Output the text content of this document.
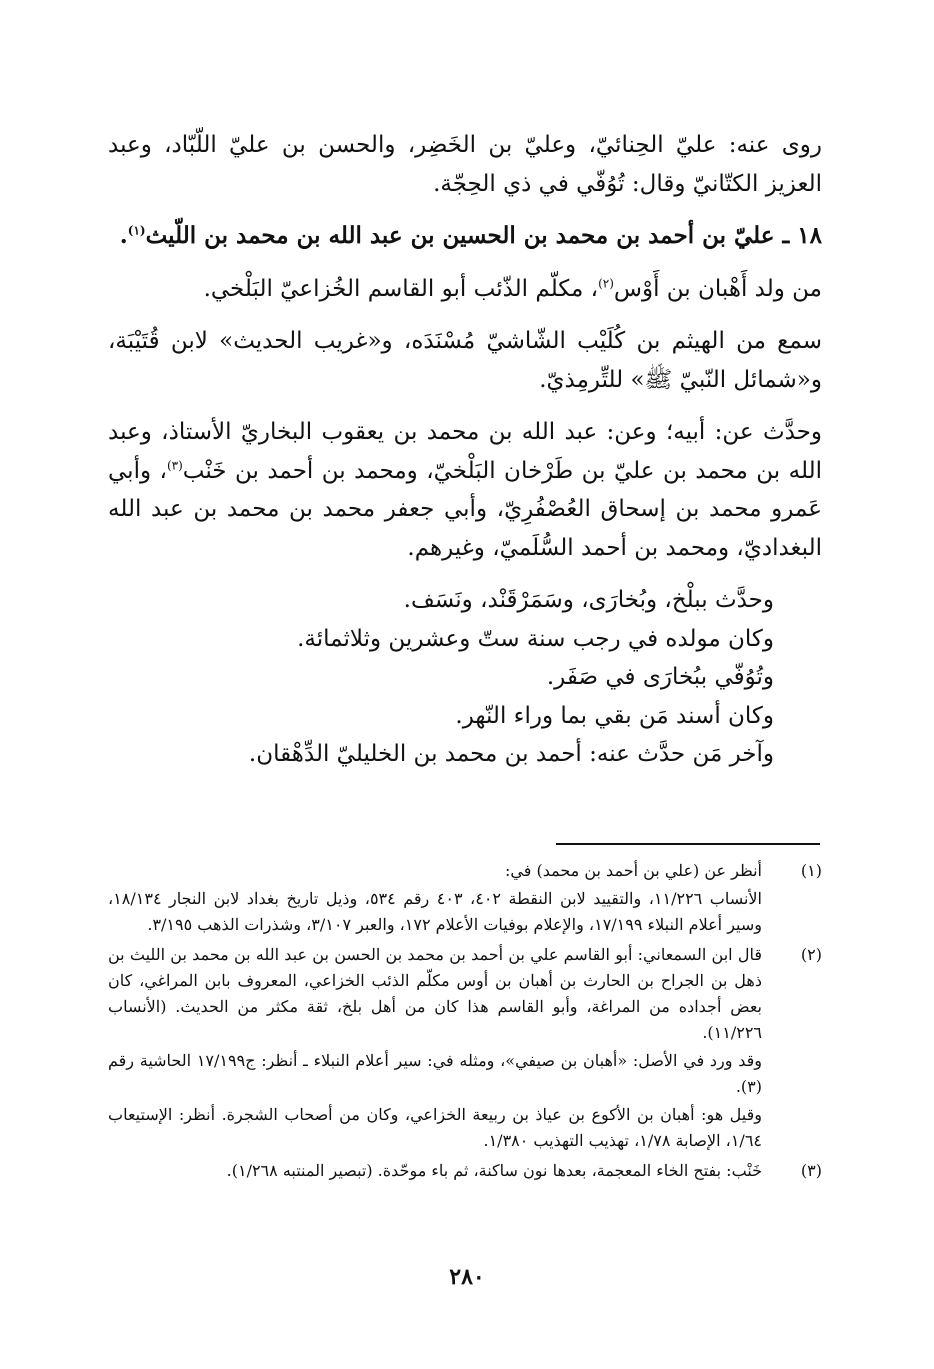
روى عنه: عليّ الحِنائيّ، وعليّ بن الخَضِر، والحسن بن عليّ اللّبّاد، وعبد العزيز الكتّانيّ وقال: تُوُفّي في ذي الحِجّة.

١٨ ـ عليّ بن أحمد بن محمد بن الحسين بن عبد الله بن محمد بن اللّيث$^{(١)}$.

من ولد أَهْبان بن أَوْس$^{(٢)}$، مكلّم الذّئب أبو القاسم الخُزاعيّ البَلْخي.

سمع من الهيثم بن كُلَيْب الشّاشيّ مُسْنَدَه، و«غريب الحديث» لابن قُتَيْبَة، و«شمائل النّبيّ ﷺ» للتِّرمِذيّ.

وحدَّث عن: أبيه؛ وعن: عبد الله بن محمد بن يعقوب البخاريّ الأستاذ، وعبد الله بن محمد بن عليّ بن طَرْخان البَلْخيّ، ومحمد بن أحمد بن خَنْب$^{(٣)}$، وأبي عَمرو محمد بن إسحاق العُصْفُرِيّ، وأبي جعفر محمد بن محمد بن عبد الله البغداديّ، ومحمد بن أحمد السُّلَميّ، وغيرهم.

وحدَّث ببلْخ، وبُخارَى، وسَمَرْقَنْد، ونَسَف.

وكان مولده في رجب سنة ستّ وعشرين وثلاثمائة.

وتُوُفّي ببُخارَى في صَفَر.

وكان أسند مَن بقي بما وراء النّهر.

وآخر مَن حدَّث عنه: أحمد بن محمد بن الخليليّ الدِّهْقان.

(١)

أنظر عن (علي بن أحمد بن محمد) في:

الأنساب ١١/٢٢٦، والتقييد لابن النقطة ٤٠٢، ٤٠٣ رقم ٥٣٤، وذيل تاريخ بغداد لابن النجار ١٨/١٣٤، وسير أعلام النبلاء ١٧/١٩٩، والإعلام بوفيات الأعلام ١٧٢، والعبر ٣/١٠٧، وشذرات الذهب ٣/١٩٥.

(٢)

قال ابن السمعاني: أبو القاسم علي بن أحمد بن محمد بن الحسن بن عبد الله بن محمد بن الليث بن ذهل بن الجراح بن الحارث بن أهبان بن أوس مكلّم الذئب الخزاعي، المعروف بابن المراغي، كان بعض أجداده من المراغة، وأبو القاسم هذا كان من أهل بلخ، ثقة مكثر من الحديث. (الأنساب ١١/٢٢٦).

وقد ورد في الأصل: «أهبان بن صيفي»، ومثله في: سير أعلام النبلاء ـ أنظر: ج١٧/١٩٩ الحاشية رقم (٣).

وقيل هو: أهبان بن الأكوع بن عياذ بن ربيعة الخزاعي، وكان من أصحاب الشجرة. أنظر: الإستيعاب ١/٦٤، الإصابة ١/٧٨، تهذيب التهذيب ١/٣٨٠.

(٣)

خَنْب: بفتح الخاء المعجمة، بعدها نون ساكنة، ثم باء موحّدة. (تبصير المنتبه ١/٢٦٨).

٢٨٠
